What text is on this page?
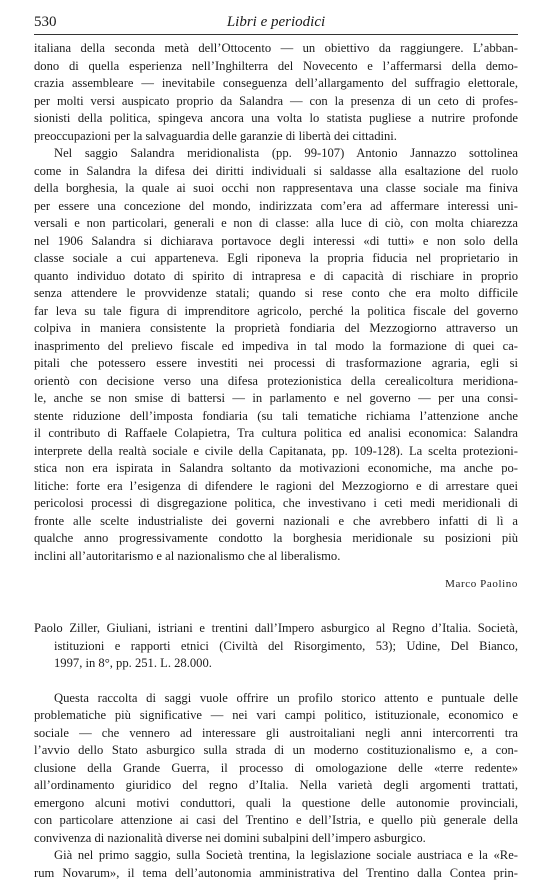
530	Libri e periodici
italiana della seconda metà dell’Ottocento — un obiettivo da raggiungere. L’abban-
dono di quella esperienza nell’Inghilterra del Novecento e l’affermarsi della demo-
crazia assembleare — inevitabile conseguenza dell’allargamento del suffragio elettorale,
per molti versi auspicato proprio da Salandra — con la presenza di un ceto di profes-
sionisti della politica, spingeva ancora una volta lo statista pugliese a nutrire profonde
preoccupazioni per la salvaguardia delle garanzie di libertà dei cittadini.
Nel saggio Salandra meridionalista (pp. 99-107) Antonio Jannazzo sottolinea
come in Salandra la difesa dei diritti individuali si saldasse alla esaltazione del ruolo
della borghesia, la quale ai suoi occhi non rappresentava una classe sociale ma finiva
per essere una concezione del mondo, indirizzata com’era ad affermare interessi uni-
versali e non particolari, generali e non di classe: alla luce di ciò, con molta chiarezza
nel 1906 Salandra si dichiarava portavoce degli interessi «di tutti» e non solo della
classe sociale a cui apparteneva. Egli riponeva la propria fiducia nel proprietario in
quanto individuo dotato di spirito di intrapresa e di capacità di rischiare in proprio
senza attendere le provvidenze statali; quando si rese conto che era molto difficile
far leva su tale figura di imprenditore agricolo, perché la politica fiscale del governo
colpiva in maniera consistente la proprietà fondiaria del Mezzogiorno attraverso un
inasprimento del prelievo fiscale ed impediva in tal modo la formazione di quei ca-
pitali che potessero essere investiti nei processi di trasformazione agraria, egli si
orientò con decisione verso una difesa protezionistica della cerealicoltura meridiona-
le, anche se non smise di battersi — in parlamento e nel governo — per una consi-
stente riduzione dell’imposta fondiaria (su tali tematiche richiama l’attenzione anche
il contributo di Raffaele Colapietra, Tra cultura politica ed analisi economica: Salandra
interprete della realtà sociale e civile della Capitanata, pp. 109-128). La scelta protezioni-
stica non era ispirata in Salandra soltanto da motivazioni economiche, ma anche po-
litiche: forte era l’esigenza di difendere le ragioni del Mezzogiorno e di arrestare quei
pericolosi processi di disgregazione politica, che investivano i ceti medi meridionali di
fronte alle scelte industrialiste dei governi nazionali e che avrebbero infatti di lì a
qualche anno progressivamente condotto la borghesia meridionale su posizioni più
inclini all’autoritarismo e al nazionalismo che al liberalismo.
Marco Paolino
Paolo Ziller, Giuliani, istriani e trentini dall’Impero asburgico al Regno d’Italia. Società,
istituzioni e rapporti etnici (Civiltà del Risorgimento, 53); Udine, Del Bianco,
1997, in 8°, pp. 251. L. 28.000.
Questa raccolta di saggi vuole offrire un profilo storico attento e puntuale delle
problematiche più significative — nei vari campi politico, istituzionale, economico e
sociale — che vennero ad interessare gli austroitaliani negli anni intercorrenti tra
l’avvio dello Stato asburgico sulla strada di un moderno costituzionalismo e, a con-
clusione della Grande Guerra, il processo di omologazione delle «terre redente»
all’ordinamento giuridico del regno d’Italia. Nella varietà degli argomenti trattati,
emergono alcuni motivi conduttori, quali la questione delle autonomie provinciali,
con particolare attenzione ai casi del Trentino e dell’Istria, e quello più generale della
convivenza di nazionalità diverse nei domini subalpini dell’impero asburgico.
Già nel primo saggio, sulla Società trentina, la legislazione sociale austriaca e la «Re-
rum Novarum», il tema dell’autonomia amministrativa del Trentino dalla Contea prin-
